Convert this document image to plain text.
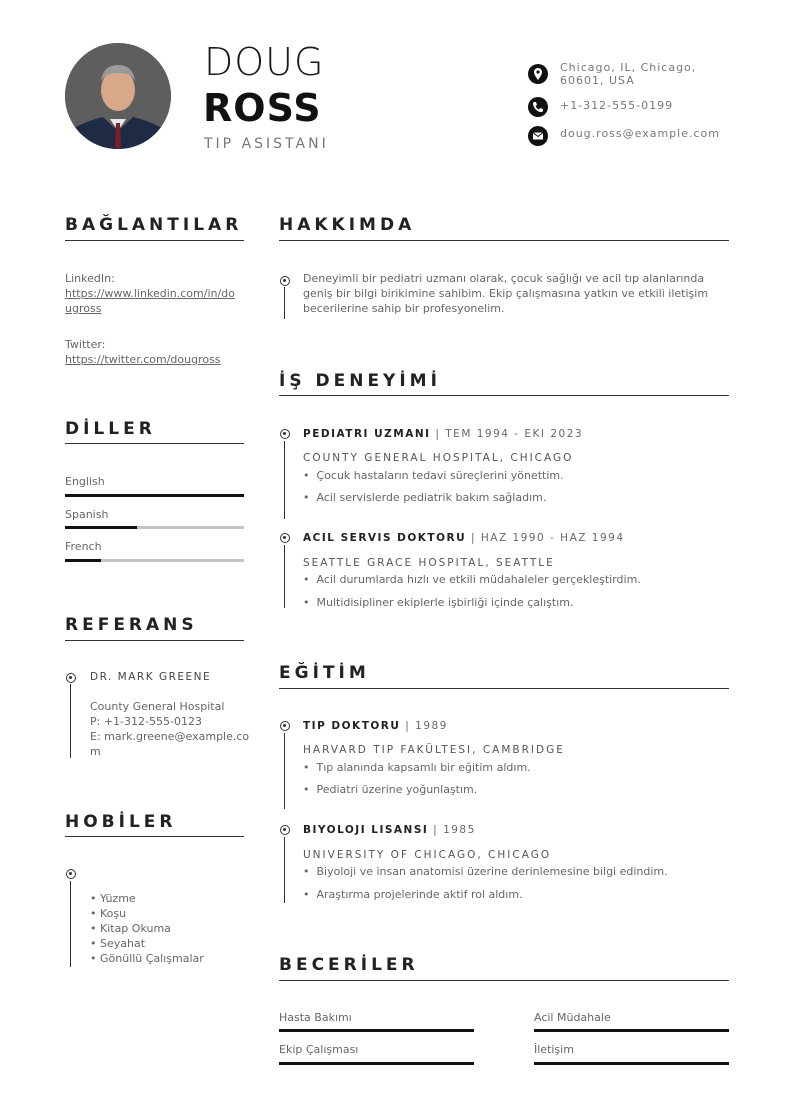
DOUG
ROSS
TIP ASISTANI
Chicago, IL, Chicago,
60601, USA
+1-312-555-0199
doug.ross@example.com
BAĞLANTILAR
LinkedIn:
https://www.linkedin.com/in/do
ugross
Twitter:
https://twitter.com/dougross
DİLLER
English
Spanish
French
REFERANS
DR. MARK GREENE
County General Hospital
P: +1-312-555-0123
E: mark.greene@example.co
m
HOBİLER
• Yüzme
• Koşu
• Kitap Okuma
• Seyahat
• Gönüllü Çalışmalar
HAKKIMDA
Deneyimli bir pediatri uzmanı olarak, çocuk sağlığı ve acil tıp alanlarında
geniş bir bilgi birikimine sahibim. Ekip çalışmasına yatkın ve etkili iletişim
becerilerine sahip bir profesyonelim.
İŞ DENEYİMİ
PEDIATRI UZMANI | TEM 1994 - EKI 2023
COUNTY GENERAL HOSPITAL, CHICAGO
•  Çocuk hastaların tedavi süreçlerini yönettim.
•  Acil servislerde pediatrik bakım sağladım.
ACIL SERVIS DOKTORU | HAZ 1990 - HAZ 1994
SEATTLE GRACE HOSPITAL, SEATTLE
•  Acil durumlarda hızlı ve etkili müdahaleler gerçekleştirdim.
•  Multidisipliner ekiplerle işbirliği içinde çalıştım.
EĞİTİM
TIP DOKTORU | 1989
HARVARD TIP FAKÜLTESI, CAMBRIDGE
•  Tıp alanında kapsamlı bir eğitim aldım.
•  Pediatri üzerine yoğunlaştım.
BIYOLOJI LISANSI | 1985
UNIVERSITY OF CHICAGO, CHICAGO
•  Biyoloji ve insan anatomisi üzerine derinlemesine bilgi edindim.
•  Araştırma projelerinde aktif rol aldım.
BECERİLER
Hasta Bakımı	Acil Müdahale
Ekip Çalışması	İletişim
